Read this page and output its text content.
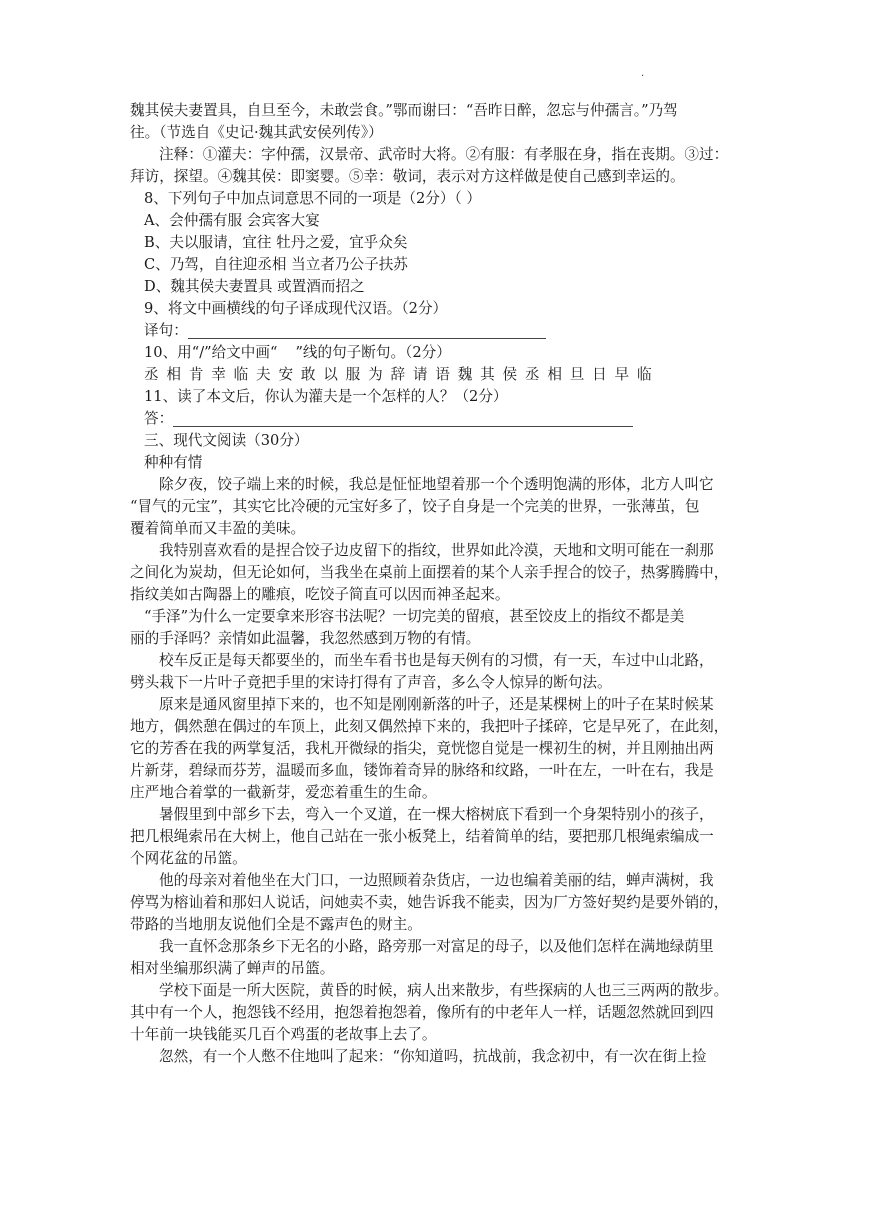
.

魏其侯夫妻置具，自旦至今，未敢尝食。”鄂而谢曰：“吾昨日醉，忽忘与仲孺言。”乃驾

往。（节选自《史记·魏其武安侯列传》）

注释：①灌夫：字仲孺，汉景帝、武帝时大将。②有服：有孝服在身，指在丧期。③过：

拜访，探望。④魏其侯：即窦婴。⑤幸：敬词，表示对方这样做是使自己感到幸运的。

8、下列句子中加点词意思不同的一项是（2分）（ ）

A、会仲孺有服 会宾客大宴

B、夫以服请，宜往 牡丹之爱，宜乎众矣

C、乃驾，自往迎丞相 当立者乃公子扶苏

D、魏其侯夫妻置具 或置酒而招之

9、将文中画横线的句子译成现代汉语。（2分）

译句：

10、用“/”给文中画“ ”线的句子断句。（2分）

丞 相 肯 幸 临 夫 安 敢 以 服 为 辞 请 语 魏 其 侯 丞 相 旦 日 早 临

11、读了本文后，你认为灌夫是一个怎样的人？（2分）

答：

三、现代文阅读（30分）

种种有情

除夕夜，饺子端上来的时候，我总是怔怔地望着那一个个透明饱满的形体，北方人叫它

“冒气的元宝”，其实它比冷硬的元宝好多了，饺子自身是一个完美的世界，一张薄茧，包

覆着简单而又丰盈的美味。

我特别喜欢看的是捏合饺子边皮留下的指纹，世界如此冷漠，天地和文明可能在一刹那

之间化为炭劫，但无论如何，当我坐在桌前上面摆着的某个人亲手捏合的饺子，热雾腾腾中，

指纹美如古陶器上的雕痕，吃饺子简直可以因而神圣起来。

“手泽”为什么一定要拿来形容书法呢？一切完美的留痕，甚至饺皮上的指纹不都是美

丽的手泽吗？亲情如此温馨，我忽然感到万物的有情。

校车反正是每天都要坐的，而坐车看书也是每天例有的习惯，有一天，车过中山北路，

劈头栽下一片叶子竟把手里的宋诗打得有了声音，多么令人惊异的断句法。

原来是通风窗里掉下来的，也不知是刚刚新落的叶子，还是某棵树上的叶子在某时候某

地方，偶然憩在偶过的车顶上，此刻又偶然掉下来的，我把叶子揉碎，它是早死了，在此刻，

它的芳香在我的两掌复活，我札开微绿的指尖，竟恍惚自觉是一棵初生的树，并且刚抽出两

片新芽，碧绿而芬芳，温暖而多血，镂饰着奇异的脉络和纹路，一叶在左，一叶在右，我是

庄严地合着掌的一截新芽，爱恋着重生的生命。

暑假里到中部乡下去，弯入一个叉道，在一棵大榕树底下看到一个身架特别小的孩子，

把几根绳索吊在大树上，他自己站在一张小板凳上，结着简单的结，要把那几根绳索编成一

个网花盆的吊篮。

他的母亲对着他坐在大门口，一边照顾着杂货店，一边也编着美丽的结，蝉声满树，我

停骂为榕讪着和那妇人说话，问她卖不卖，她告诉我不能卖，因为厂方签好契约是要外销的，

带路的当地朋友说他们全是不露声色的财主。

我一直怀念那条乡下无名的小路，路旁那一对富足的母子，以及他们怎样在满地绿荫里

相对坐编那织满了蝉声的吊篮。

学校下面是一所大医院，黄昏的时候，病人出来散步，有些探病的人也三三两两的散步。

其中有一个人，抱怨钱不经用，抱怨着抱怨着，像所有的中老年人一样，话题忽然就回到四

十年前一块钱能买几百个鸡蛋的老故事上去了。

忽然，有一个人憋不住地叫了起来：“你知道吗，抗战前，我念初中，有一次在街上捡
